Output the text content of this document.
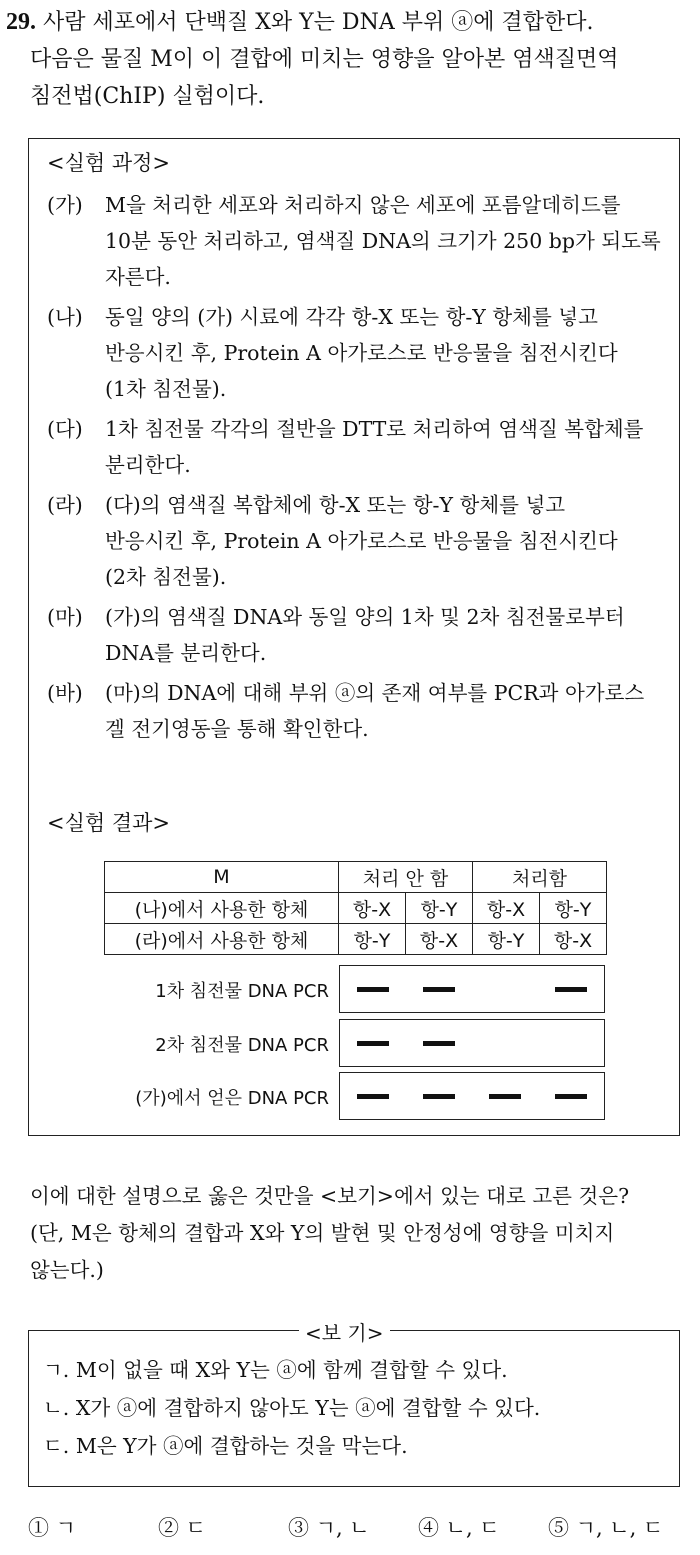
29. 사람 세포에서 단백질 X와 Y는 DNA 부위 ⓐ에 결합한다.
다음은 물질 M이 이 결합에 미치는 영향을 알아본 염색질면역
침전법(ChIP) 실험이다.
<실험 과정>
(가) M을 처리한 세포와 처리하지 않은 세포에 포름알데히드를
10분 동안 처리하고, 염색질 DNA의 크기가 250 bp가 되도록
자른다.
(나) 동일 양의 (가) 시료에 각각 항-X 또는 항-Y 항체를 넣고
반응시킨 후, Protein A 아가로스로 반응물을 침전시킨다
(1차 침전물).
(다) 1차 침전물 각각의 절반을 DTT로 처리하여 염색질 복합체를
분리한다.
(라) (다)의 염색질 복합체에 항-X 또는 항-Y 항체를 넣고
반응시킨 후, Protein A 아가로스로 반응물을 침전시킨다
(2차 침전물).
(마) (가)의 염색질 DNA와 동일 양의 1차 및 2차 침전물로부터
DNA를 분리한다.
(바) (마)의 DNA에 대해 부위 ⓐ의 존재 여부를 PCR과 아가로스
겔 전기영동을 통해 확인한다.
<실험 결과>
M	처리 안 함		처리함	
(나)에서 사용한 항체	항-X	항-Y	항-X	항-Y
(라)에서 사용한 항체	항-Y	항-X	항-Y	항-X
1차 침전물 DNA PCR
2차 침전물 DNA PCR
(가)에서 얻은 DNA PCR
이에 대한 설명으로 옳은 것만을 <보기>에서 있는 대로 고른 것은?
(단, M은 항체의 결합과 X와 Y의 발현 및 안정성에 영향을 미치지
않는다.)
<보 기>
ㄱ. M이 없을 때 X와 Y는 ⓐ에 함께 결합할 수 있다.
ㄴ. X가 ⓐ에 결합하지 않아도 Y는 ⓐ에 결합할 수 있다.
ㄷ. M은 Y가 ⓐ에 결합하는 것을 막는다.
① ㄱ	② ㄷ	③ ㄱ, ㄴ ④ ㄴ, ㄷ ⑤ ㄱ, ㄴ, ㄷ
